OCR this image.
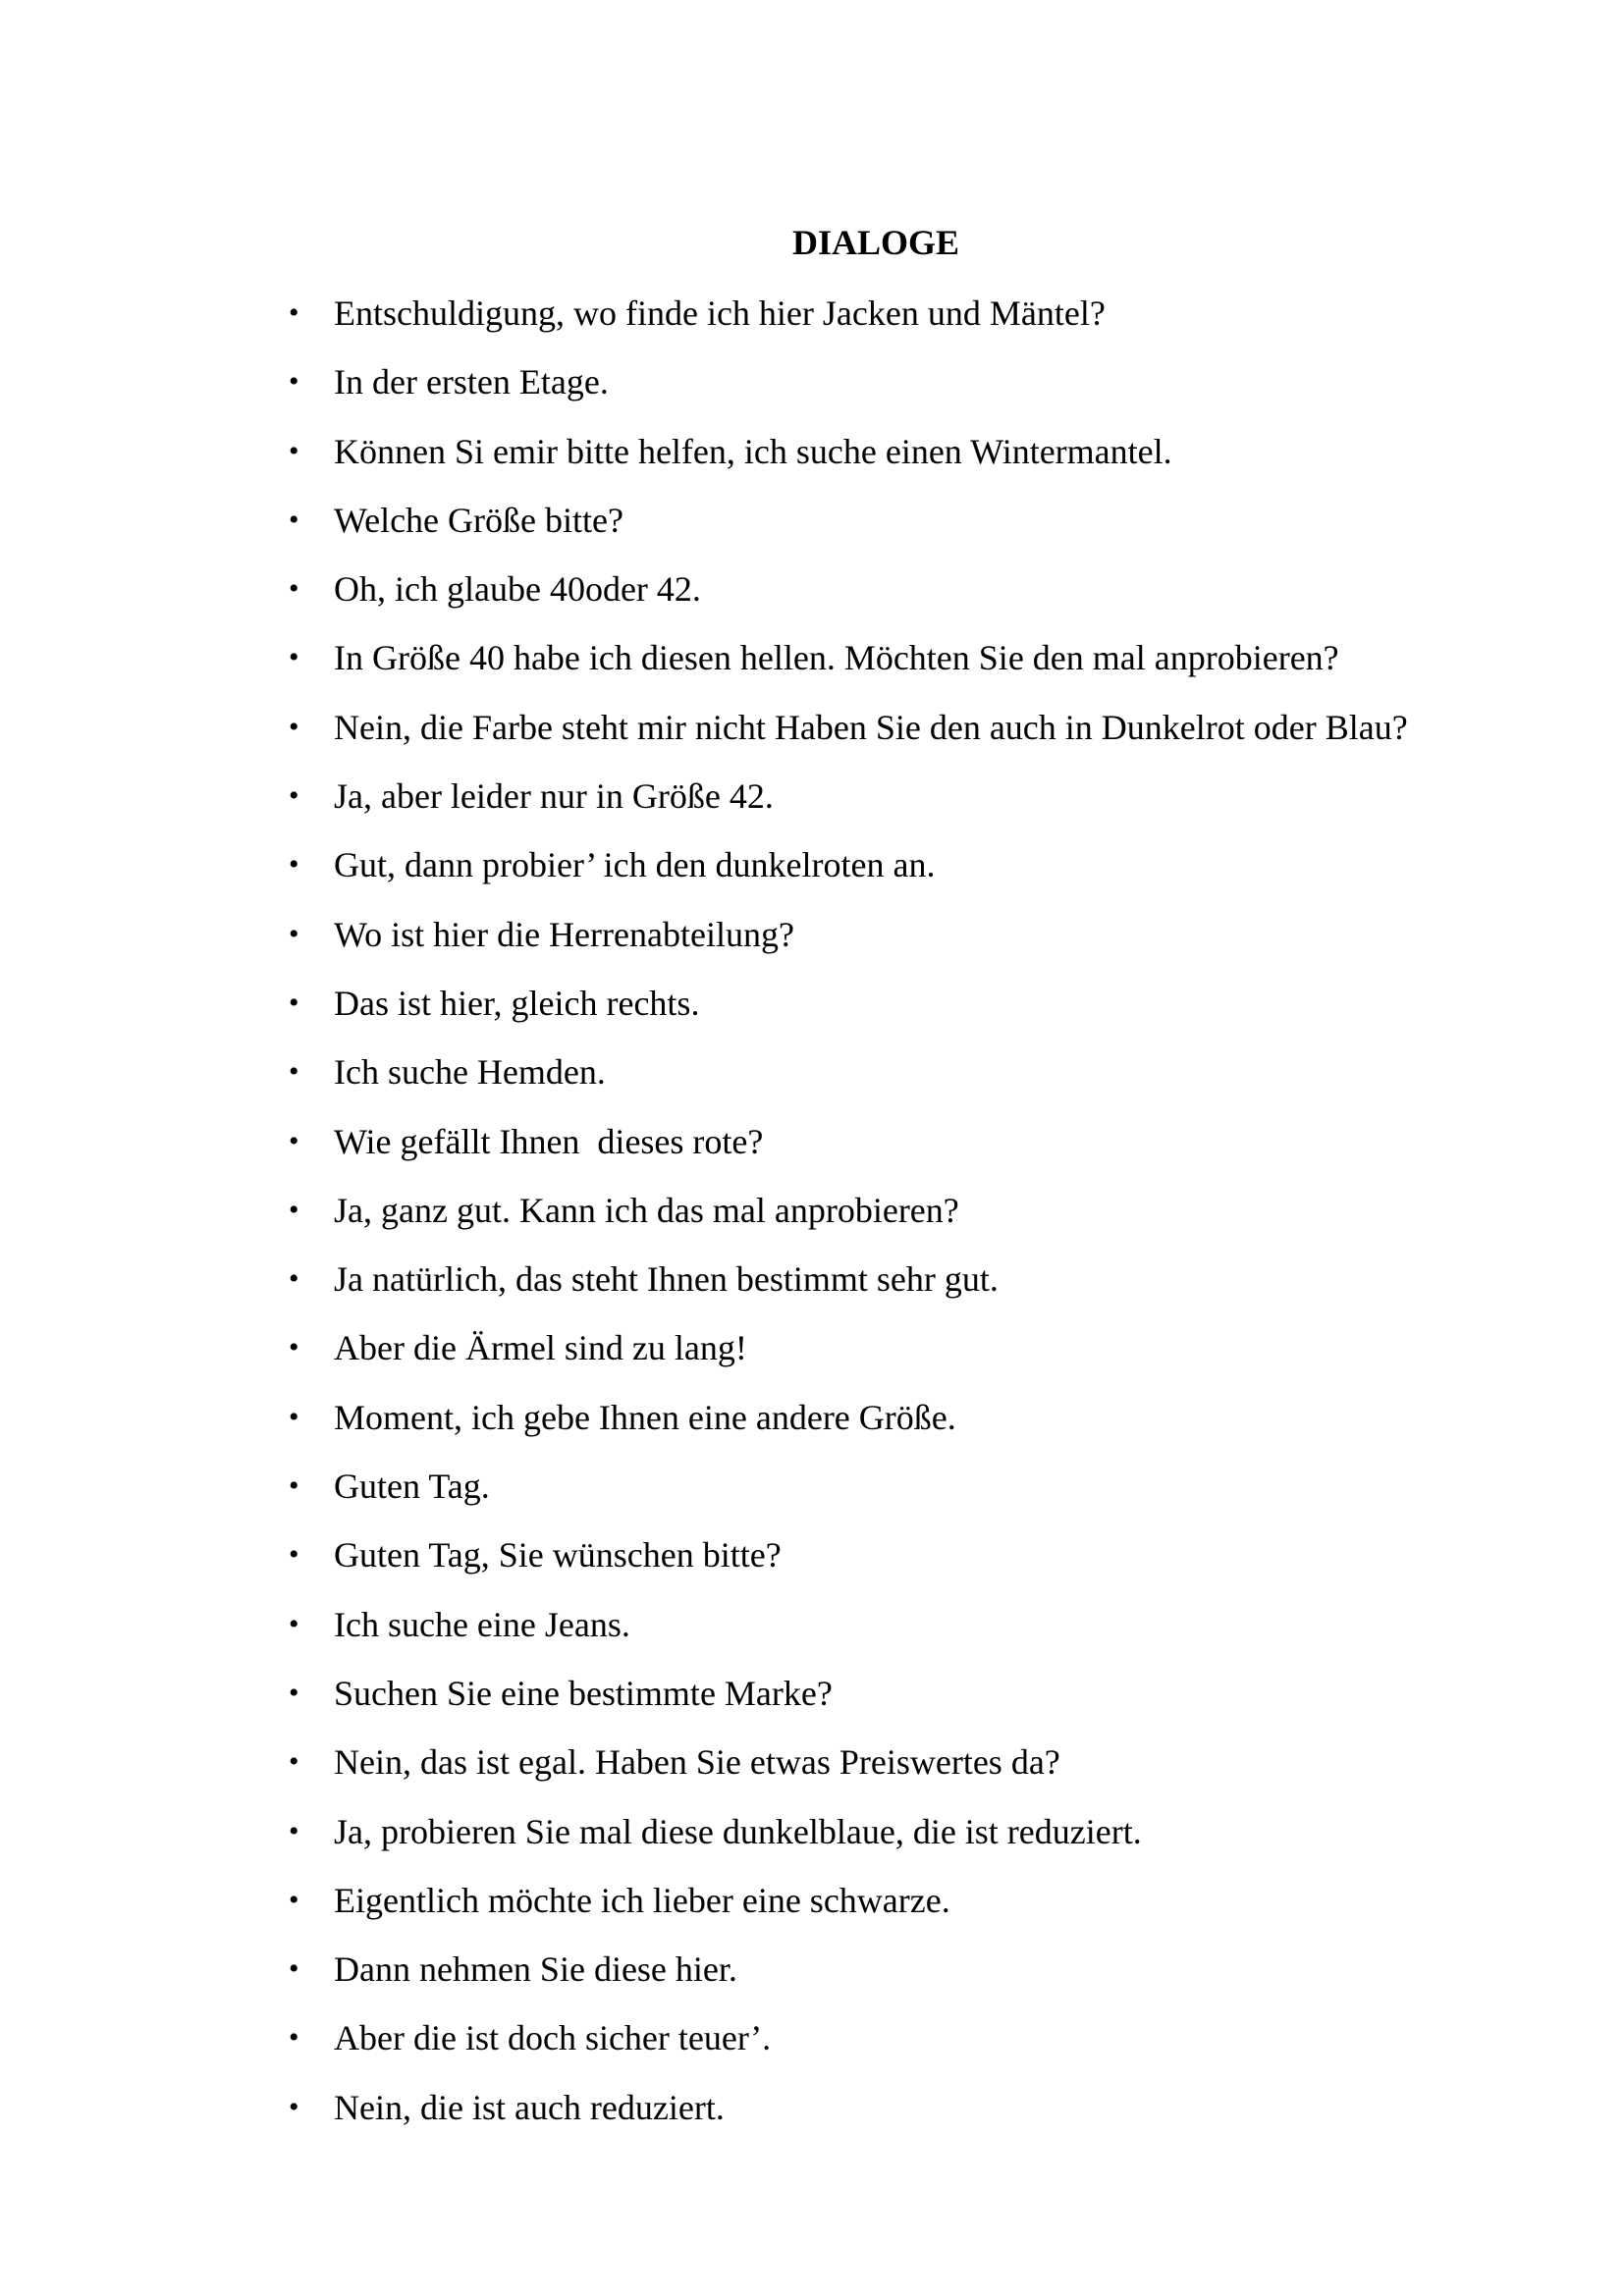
DIALOGE
• Entschuldigung, wo finde ich hier Jacken und Mäntel?
• In der ersten Etage.
• Können Si emir bitte helfen, ich suche einen Wintermantel.
• Welche Größe bitte?
• Oh, ich glaube 40oder 42.
• In Größe 40 habe ich diesen hellen. Möchten Sie den mal anprobieren?
• Nein, die Farbe steht mir nicht Haben Sie den auch in Dunkelrot oder Blau?
• Ja, aber leider nur in Größe 42.
• Gut, dann probier’ ich den dunkelroten an.
• Wo ist hier die Herrenabteilung?
• Das ist hier, gleich rechts.
• Ich suche Hemden.
• Wie gefällt Ihnen  dieses rote?
• Ja, ganz gut. Kann ich das mal anprobieren?
• Ja natürlich, das steht Ihnen bestimmt sehr gut.
• Aber die Ärmel sind zu lang!
• Moment, ich gebe Ihnen eine andere Größe.
• Guten Tag.
• Guten Tag, Sie wünschen bitte?
• Ich suche eine Jeans.
• Suchen Sie eine bestimmte Marke?
• Nein, das ist egal. Haben Sie etwas Preiswertes da?
• Ja, probieren Sie mal diese dunkelblaue, die ist reduziert.
• Eigentlich möchte ich lieber eine schwarze.
• Dann nehmen Sie diese hier.
• Aber die ist doch sicher teuer’.
• Nein, die ist auch reduziert.
